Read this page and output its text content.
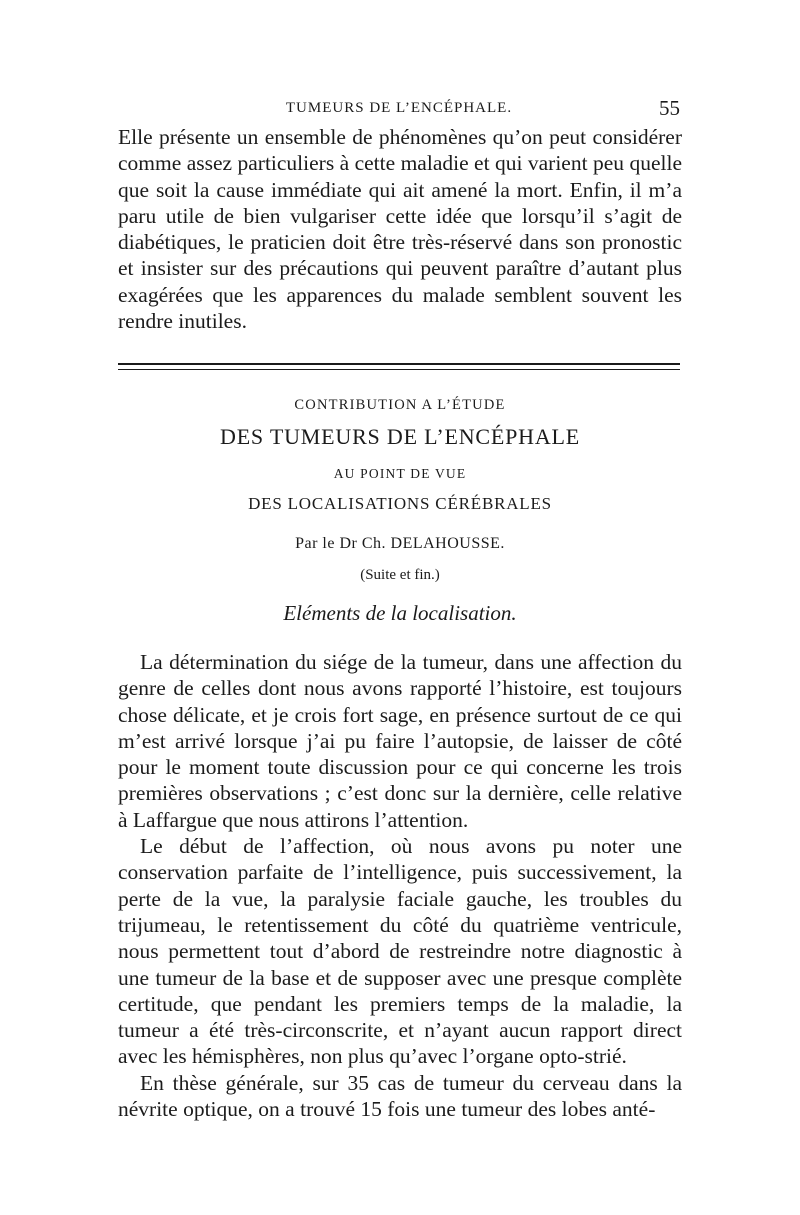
TUMEURS DE L’ENCÉPHALE.	55

Elle présente un ensemble de phénomènes qu’on peut considérer comme assez particuliers à cette maladie et qui varient peu quelle que soit la cause immédiate qui ait amené la mort. Enfin, il m’a paru utile de bien vulgariser cette idée que lorsqu’il s’agit de diabétiques, le praticien doit être très-réservé dans son pronostic et insister sur des précautions qui peuvent paraître d’autant plus exagérées que les apparences du malade semblent souvent les rendre inutiles.

CONTRIBUTION A L’ÉTUDE
DES TUMEURS DE L’ENCÉPHALE
AU POINT DE VUE
DES LOCALISATIONS CÉRÉBRALES
Par le Dr Ch. DELAHOUSSE.
(Suite et fin.)
Eléments de la localisation.

La détermination du siége de la tumeur, dans une affection du genre de celles dont nous avons rapporté l’histoire, est toujours chose délicate, et je crois fort sage, en présence surtout de ce qui m’est arrivé lorsque j’ai pu faire l’autopsie, de laisser de côté pour le moment toute discussion pour ce qui concerne les trois premières observations ; c’est donc sur la dernière, celle relative à Laffargue que nous attirons l’attention.

Le début de l’affection, où nous avons pu noter une conservation parfaite de l’intelligence, puis successivement, la perte de la vue, la paralysie faciale gauche, les troubles du trijumeau, le retentissement du côté du quatrième ventricule, nous permettent tout d’abord de restreindre notre diagnostic à une tumeur de la base et de supposer avec une presque complète certitude, que pendant les premiers temps de la maladie, la tumeur a été très-circonscrite, et n’ayant aucun rapport direct avec les hémisphères, non plus qu’avec l’organe opto-strié.

En thèse générale, sur 35 cas de tumeur du cerveau dans la névrite optique, on a trouvé 15 fois une tumeur des lobes anté-
